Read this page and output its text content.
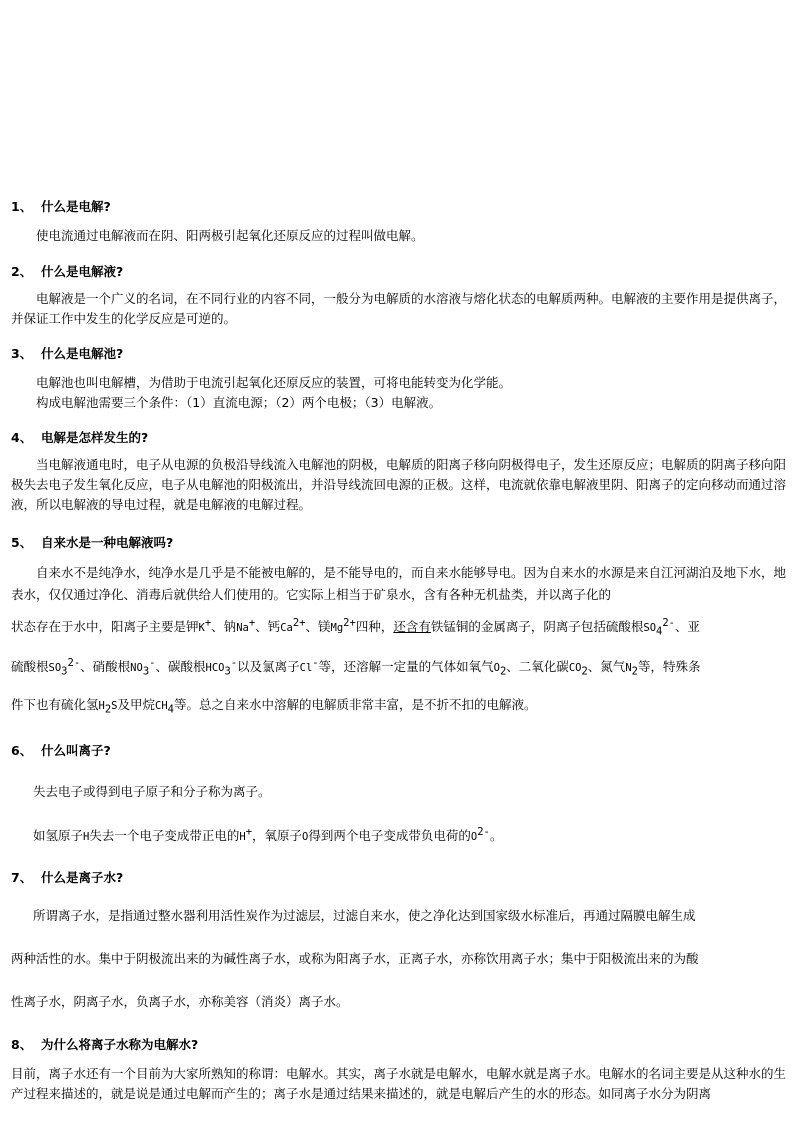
1、 什么是电解?
使电流通过电解液而在阴、阳两极引起氧化还原反应的过程叫做电解。
2、 什么是电解液?
电解液是一个广义的名词，在不同行业的内容不同，一般分为电解质的水溶液与熔化状态的电解质两种。电解液的主要作用是提供离子，并保证工作中发生的化学反应是可逆的。
3、 什么是电解池?
电解池也叫电解槽，为借助于电流引起氧化还原反应的装置，可将电能转变为化学能。
构成电解池需要三个条件：（1）直流电源；（2）两个电极；（3）电解液。
4、 电解是怎样发生的?
当电解液通电时，电子从电源的负极沿导线流入电解池的阴极，电解质的阳离子移向阴极得电子，发生还原反应；电解质的阴离子移向阳极失去电子发生氧化反应，电子从电解池的阳极流出，并沿导线流回电源的正极。这样，电流就依靠电解液里阴、阳离子的定向移动而通过溶液，所以电解液的导电过程，就是电解液的电解过程。
5、 自来水是一种电解液吗?
自来水不是纯净水，纯净水是几乎是不能被电解的，是不能导电的，而自来水能够导电。因为自来水的水源是来自江河湖泊及地下水，地表水，仅仅通过净化、消毒后就供给人们使用的。它实际上相当于矿泉水，含有各种无机盐类，并以离子化的
状态存在于水中，阳离子主要是钾K+、钠Na+、钙$Ca^{2+}$、镁$Mg^{2+}$四种，还含有铁锰铜的金属离子，阴离子包括硫酸根$SO_4^{2-}$、亚
硫酸根$SO_3^{2-}$、硝酸根$NO_3^-$、碳酸根$HCO_3^-$以及氯离子Cl-等，还溶解一定量的气体如氧气$O_2$、二氧化碳$CO_2$、氮气$N_2$等，特殊条
件下也有硫化氢$H_2S$及甲烷$CH_4$等。总之自来水中溶解的电解质非常丰富，是不折不扣的电解液。
6、 什么叫离子?
失去电子或得到电子原子和分子称为离子。
如氢原子H失去一个电子变成带正电的H+，氧原子O得到两个电子变成带负电荷的$O^{2-}$。
7、 什么是离子水?
所谓离子水，是指通过整水器利用活性炭作为过滤层，过滤自来水，使之净化达到国家级水标准后，再通过隔膜电解生成
两种活性的水。集中于阴极流出来的为碱性离子水，或称为阳离子水，正离子水，亦称饮用离子水；集中于阳极流出来的为酸
性离子水，阴离子水，负离子水，亦称美容（消炎）离子水。
8、 为什么将离子水称为电解水?
目前，离子水还有一个目前为大家所熟知的称谓：电解水。其实，离子水就是电解水，电解水就是离子水。电解水的名词主要是从这种水的生产过程来描述的，就是说是通过电解而产生的；离子水是通过结果来描述的，就是电解后产生的水的形态。如同离子水分为阴离
